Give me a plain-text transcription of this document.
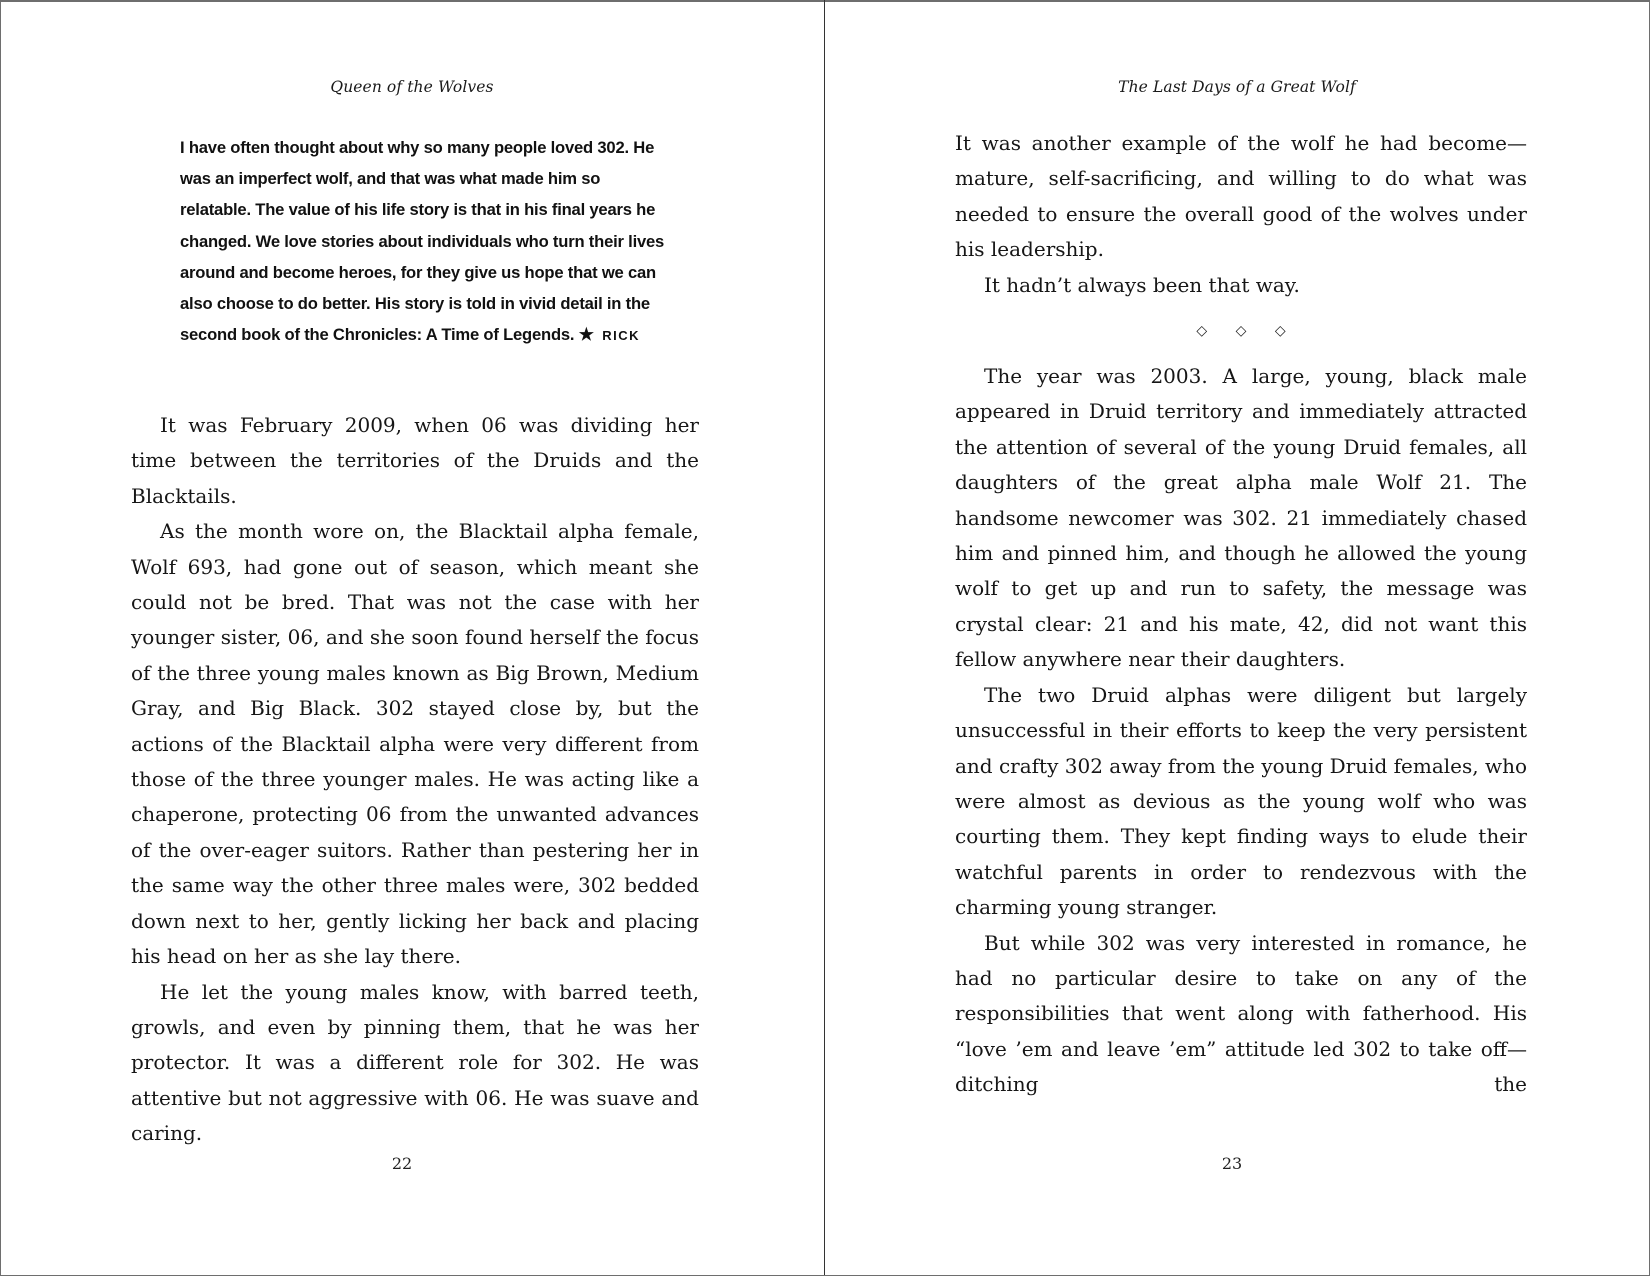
Queen of the Wolves
I have often thought about why so many people loved 302. He was an imperfect wolf, and that was what made him so relatable. The value of his life story is that in his final years he changed. We love stories about individuals who turn their lives around and become heroes, for they give us hope that we can also choose to do better. His story is told in vivid detail in the second book of the Chronicles: A Time of Legends. ★ RICK

It was February 2009, when 06 was dividing her time between the territories of the Druids and the Blacktails.

As the month wore on, the Blacktail alpha female, Wolf 693, had gone out of season, which meant she could not be bred. That was not the case with her younger sister, 06, and she soon found herself the focus of the three young males known as Big Brown, Medium Gray, and Big Black. 302 stayed close by, but the actions of the Blacktail alpha were very different from those of the three younger males. He was acting like a chaperone, protecting 06 from the unwanted advances of the over-eager suitors. Rather than pestering her in the same way the other three males were, 302 bedded down next to her, gently licking her back and placing his head on her as she lay there.

He let the young males know, with barred teeth, growls, and even by pinning them, that he was her protector. It was a different role for 302. He was attentive but not aggressive with 06. He was suave and caring.

22
The Last Days of a Great Wolf

It was another example of the wolf he had become—mature, self-sacrificing, and willing to do what was needed to ensure the overall good of the wolves under his leadership.

It hadn’t always been that way.

◇ ◇ ◇

The year was 2003. A large, young, black male appeared in Druid territory and immediately attracted the attention of several of the young Druid females, all daughters of the great alpha male Wolf 21. The handsome newcomer was 302. 21 immediately chased him and pinned him, and though he allowed the young wolf to get up and run to safety, the message was crystal clear: 21 and his mate, 42, did not want this fellow anywhere near their daughters.

The two Druid alphas were diligent but largely unsuccessful in their efforts to keep the very persistent and crafty 302 away from the young Druid females, who were almost as devious as the young wolf who was courting them. They kept finding ways to elude their watchful parents in order to rendezvous with the charming young stranger.

But while 302 was very interested in romance, he had no particular desire to take on any of the responsibilities that went along with fatherhood. His “love ’em and leave ’em” attitude led 302 to take off—ditching the

23
